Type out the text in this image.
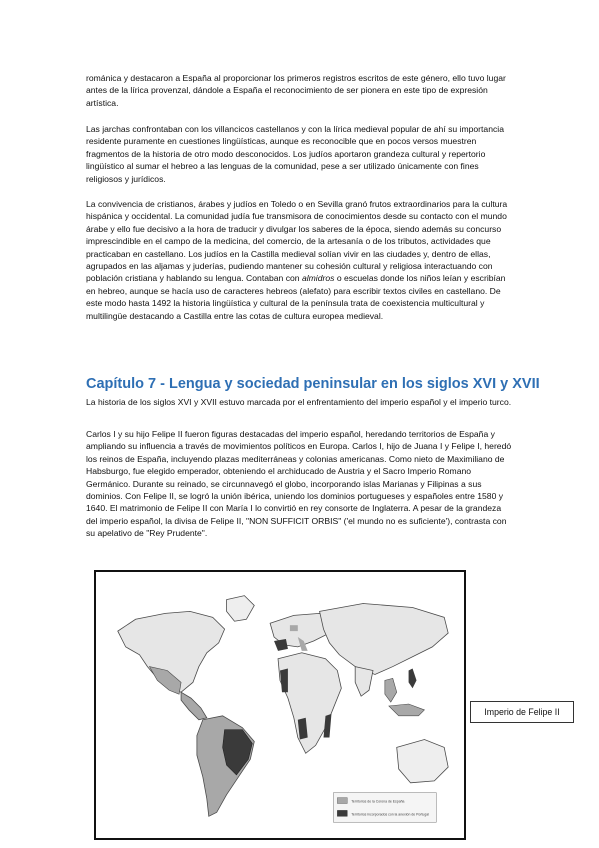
románica y destacaron a España al proporcionar los primeros registros escritos de este género, ello tuvo lugar antes de la lírica provenzal, dándole a España el reconocimiento de ser pionera en este tipo de expresión artística.

Las jarchas confrontaban con los villancicos castellanos y con la lírica medieval popular de ahí su importancia residente puramente en cuestiones lingüísticas, aunque es reconocible que en pocos versos muestren fragmentos de la historia de otro modo desconocidos. Los judíos aportaron grandeza cultural y repertorio lingüístico al sumar el hebreo a las lenguas de la comunidad, pese a ser utilizado únicamente con fines religiosos y jurídicos.

La convivencia de cristianos, árabes y judíos en Toledo o en Sevilla granó frutos extraordinarios para la cultura hispánica y occidental. La comunidad judía fue transmisora de conocimientos desde su contacto con el mundo árabe y ello fue decisivo a la hora de traducir y divulgar los saberes de la época, siendo además su concurso imprescindible en el campo de la medicina, del comercio, de la artesanía o de los tributos, actividades que practicaban en castellano. Los judíos en la Castilla medieval solían vivir en las ciudades y, dentro de ellas, agrupados en las aljamas y juderías, pudiendo mantener su cohesión cultural y religiosa interactuando con población cristiana y hablando su lengua. Contaban con almidros o escuelas donde los niños leían y escribían en hebreo, aunque se hacía uso de caracteres hebreos (alefato) para escribir textos civiles en castellano. De este modo hasta 1492 la historia lingüística y cultural de la península trata de coexistencia multicultural y multilingüe destacando a Castilla entre las cotas de cultura europea medieval.

Capítulo 7 - Lengua y sociedad peninsular en los siglos XVI y XVII

La historia de los siglos XVI y XVII estuvo marcada por el enfrentamiento del imperio español y el imperio turco.

Carlos I y su hijo Felipe II fueron figuras destacadas del imperio español, heredando territorios de España y ampliando su influencia a través de movimientos políticos en Europa. Carlos I, hijo de Juana I y Felipe I, heredó los reinos de España, incluyendo plazas mediterráneas y colonias americanas. Como nieto de Maximiliano de Habsburgo, fue elegido emperador, obteniendo el archiducado de Austria y el Sacro Imperio Romano Germánico. Durante su reinado, se circunnavegó el globo, incorporando islas Marianas y Filipinas a sus dominios. Con Felipe II, se logró la unión ibérica, uniendo los dominios portugueses y españoles entre 1580 y 1640. El matrimonio de Felipe II con María I lo convirtió en rey consorte de Inglaterra. A pesar de la grandeza del imperio español, la divisa de Felipe II, "NON SUFFICIT ORBIS" ('el mundo no es suficiente'), contrasta con su apelativo de "Rey Prudente".

Territorios de la Corona de España
Territorios incorporados con la anexión de Portugal
Imperio de Felipe II
